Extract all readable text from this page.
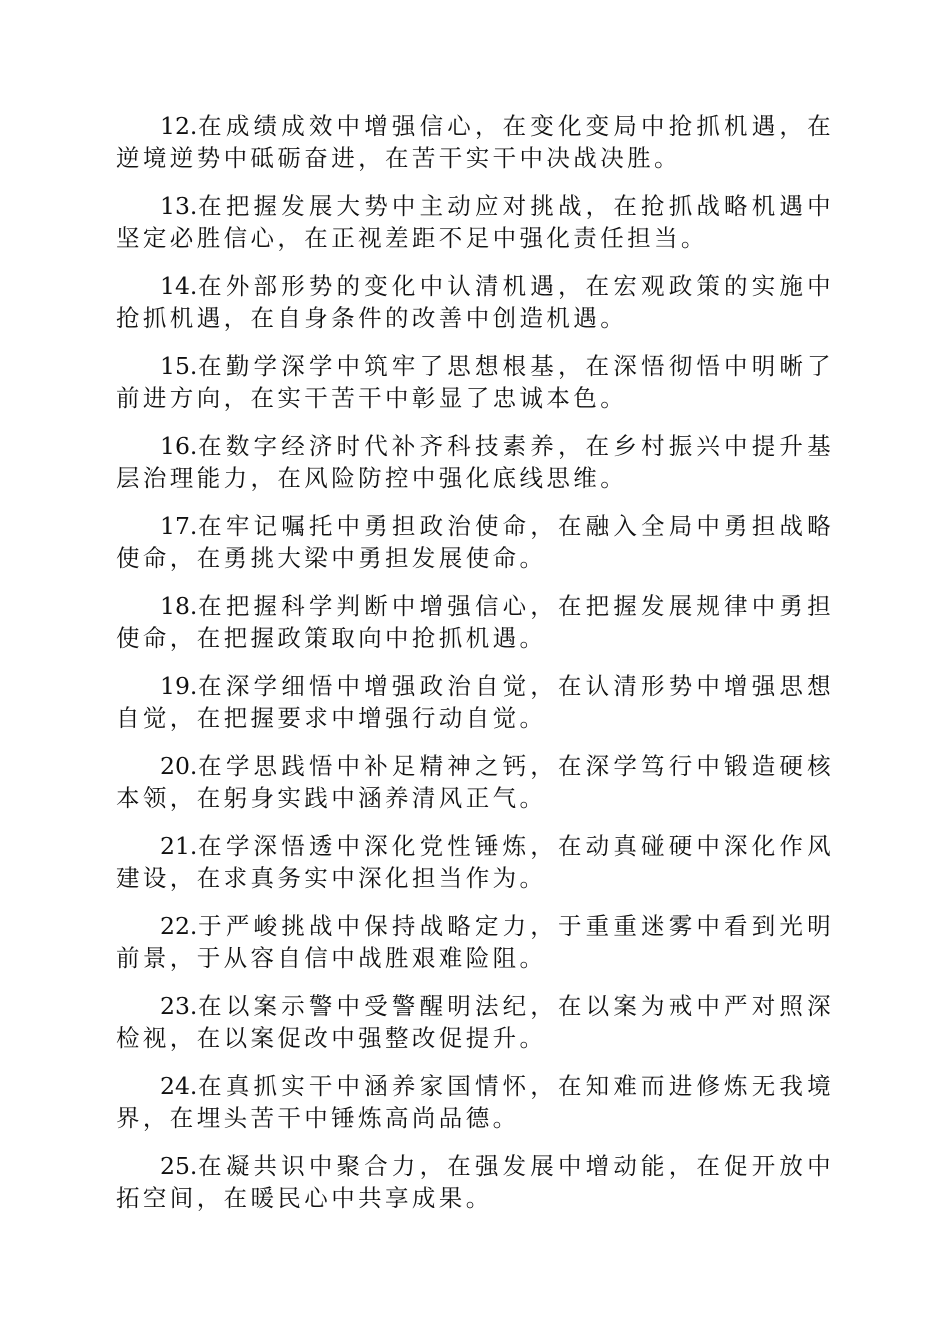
12.在成绩成效中增强信心，在变化变局中抢抓机遇，在逆境逆势中砥砺奋进，在苦干实干中决战决胜。

13.在把握发展大势中主动应对挑战，在抢抓战略机遇中坚定必胜信心，在正视差距不足中强化责任担当。

14.在外部形势的变化中认清机遇，在宏观政策的实施中抢抓机遇，在自身条件的改善中创造机遇。

15.在勤学深学中筑牢了思想根基，在深悟彻悟中明晰了前进方向，在实干苦干中彰显了忠诚本色。

16.在数字经济时代补齐科技素养，在乡村振兴中提升基层治理能力，在风险防控中强化底线思维。

17.在牢记嘱托中勇担政治使命，在融入全局中勇担战略使命，在勇挑大梁中勇担发展使命。

18.在把握科学判断中增强信心，在把握发展规律中勇担使命，在把握政策取向中抢抓机遇。

19.在深学细悟中增强政治自觉，在认清形势中增强思想自觉，在把握要求中增强行动自觉。

20.在学思践悟中补足精神之钙，在深学笃行中锻造硬核本领，在躬身实践中涵养清风正气。

21.在学深悟透中深化党性锤炼，在动真碰硬中深化作风建设，在求真务实中深化担当作为。

22.于严峻挑战中保持战略定力，于重重迷雾中看到光明前景，于从容自信中战胜艰难险阻。

23.在以案示警中受警醒明法纪，在以案为戒中严对照深检视，在以案促改中强整改促提升。

24.在真抓实干中涵养家国情怀，在知难而进修炼无我境界，在埋头苦干中锤炼高尚品德。

25.在凝共识中聚合力，在强发展中增动能，在促开放中拓空间，在暖民心中共享成果。
